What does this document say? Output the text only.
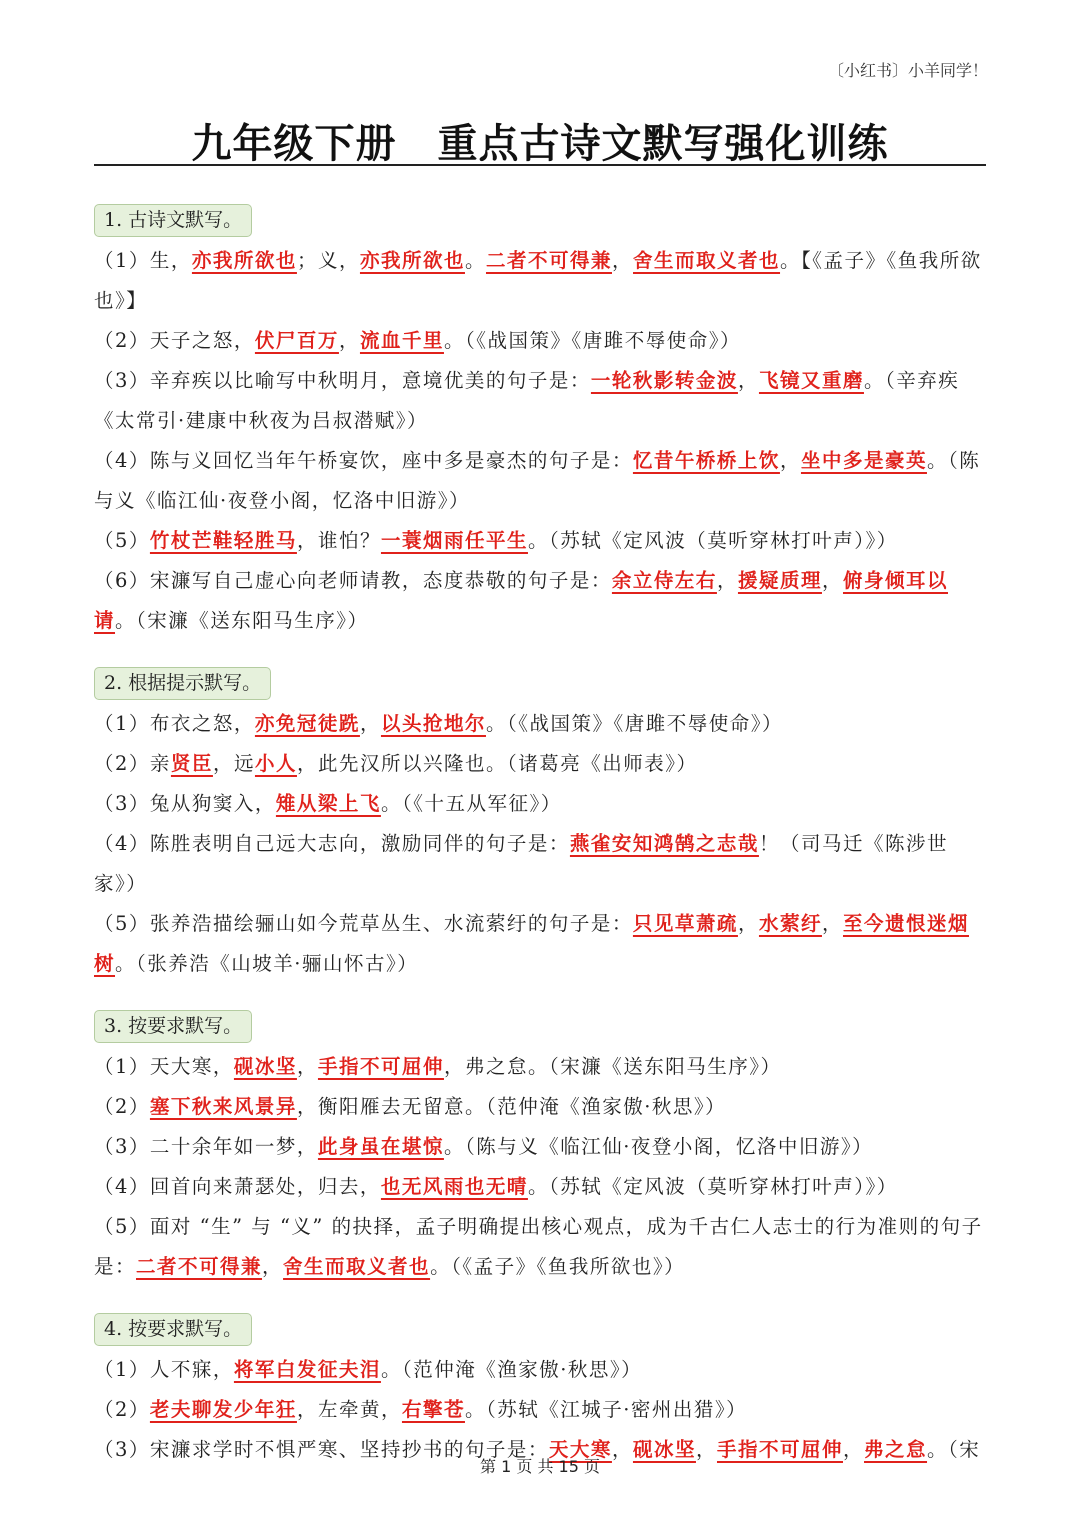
〔小红书〕小羊同学！
九年级下册　重点古诗文默写强化训练
1. 古诗文默写。

（1）生，亦我所欲也；义，亦我所欲也。二者不可得兼，舍生而取义者也。【《孟子》《鱼我所欲也》】

（2）天子之怒，伏尸百万，流血千里。（《战国策》《唐雎不辱使命》）

（3）辛弃疾以比喻写中秋明月，意境优美的句子是：一轮秋影转金波，飞镜又重磨。（辛弃疾《太常引·建康中秋夜为吕叔潜赋》）

（4）陈与义回忆当年午桥宴饮，座中多是豪杰的句子是：忆昔午桥桥上饮，坐中多是豪英。（陈与义《临江仙·夜登小阁，忆洛中旧游》）

（5）竹杖芒鞋轻胜马，谁怕？一蓑烟雨任平生。（苏轼《定风波（莫听穿林打叶声）》）

（6）宋濂写自己虚心向老师请教，态度恭敬的句子是：余立侍左右，援疑质理，俯身倾耳以请。（宋濂《送东阳马生序》）

2. 根据提示默写。

（1）布衣之怒，亦免冠徒跣，以头抢地尔。（《战国策》《唐雎不辱使命》）

（2）亲贤臣，远小人，此先汉所以兴隆也。（诸葛亮《出师表》）

（3）兔从狗窦入，雉从梁上飞。（《十五从军征》）

（4）陈胜表明自己远大志向，激励同伴的句子是：燕雀安知鸿鹄之志哉！（司马迁《陈涉世家》）

（5）张养浩描绘骊山如今荒草丛生、水流萦纡的句子是：只见草萧疏，水萦纡，至今遗恨迷烟树。（张养浩《山坡羊·骊山怀古》）

3. 按要求默写。

（1）天大寒，砚冰坚，手指不可屈伸，弗之怠。（宋濂《送东阳马生序》）

（2）塞下秋来风景异，衡阳雁去无留意。（范仲淹《渔家傲·秋思》）

（3）二十余年如一梦，此身虽在堪惊。（陈与义《临江仙·夜登小阁，忆洛中旧游》）

（4）回首向来萧瑟处，归去，也无风雨也无晴。（苏轼《定风波（莫听穿林打叶声）》）

（5）面对 “生” 与 “义” 的抉择，孟子明确提出核心观点，成为千古仁人志士的行为准则的句子是：二者不可得兼，舍生而取义者也。（《孟子》《鱼我所欲也》）

4. 按要求默写。

（1）人不寐，将军白发征夫泪。（范仲淹《渔家傲·秋思》）

（2）老夫聊发少年狂，左牵黄，右擎苍。（苏轼《江城子·密州出猎》）

（3）宋濂求学时不惧严寒、坚持抄书的句子是：天大寒，砚冰坚，手指不可屈伸，弗之怠。（宋

第 1 页 共 15 页
